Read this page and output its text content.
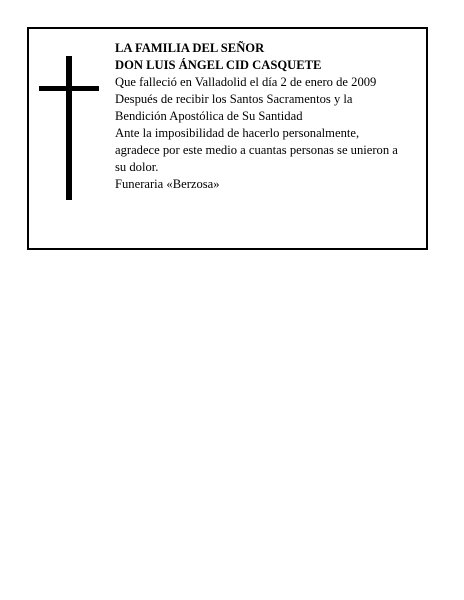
LA FAMILIA DEL SEÑOR
DON LUIS ÁNGEL CID CASQUETE
Que falleció en Valladolid el día 2 de enero de 2009
Después de recibir los Santos Sacramentos y la
Bendición Apostólica de Su Santidad
Ante la imposibilidad de hacerlo personalmente,
agradece por este medio a cuantas personas se unieron a
su dolor.
Funeraria «Berzosa»
